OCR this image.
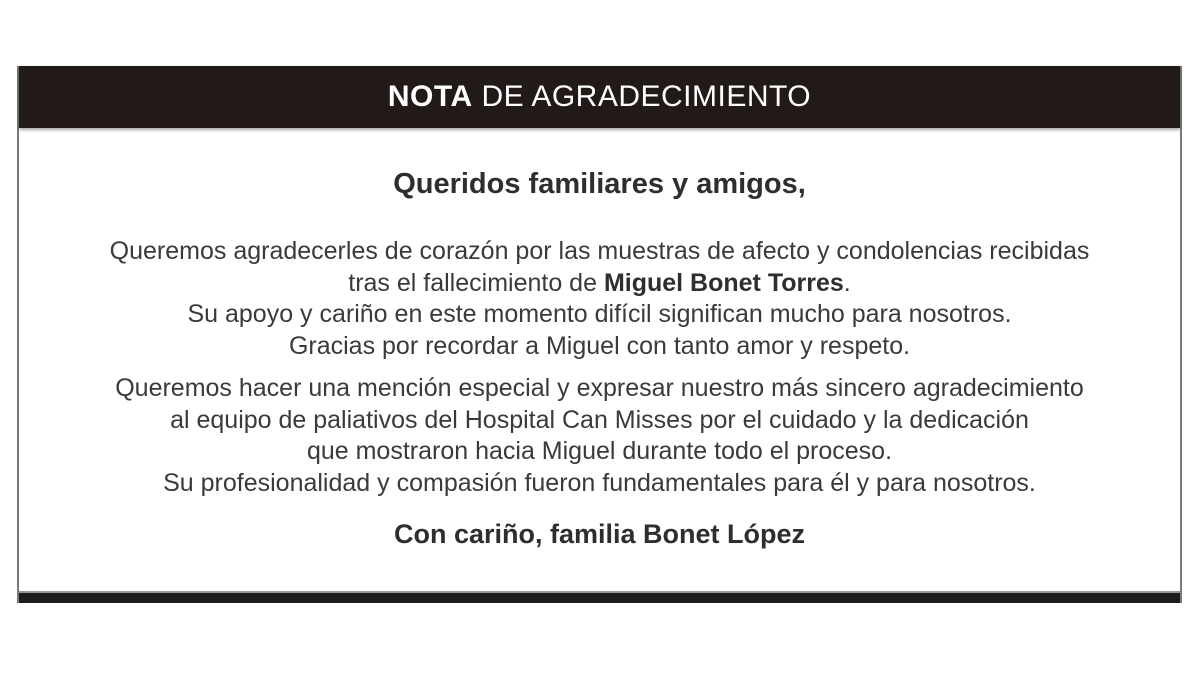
NOTA DE AGRADECIMIENTO
Queridos familiares y amigos,

Queremos agradecerles de corazón por las muestras de afecto y condolencias recibidas
tras el fallecimiento de Miguel Bonet Torres.
Su apoyo y cariño en este momento difícil significan mucho para nosotros.
Gracias por recordar a Miguel con tanto amor y respeto.

Queremos hacer una mención especial y expresar nuestro más sincero agradecimiento
al equipo de paliativos del Hospital Can Misses por el cuidado y la dedicación
que mostraron hacia Miguel durante todo el proceso.
Su profesionalidad y compasión fueron fundamentales para él y para nosotros.

Con cariño, familia Bonet López
